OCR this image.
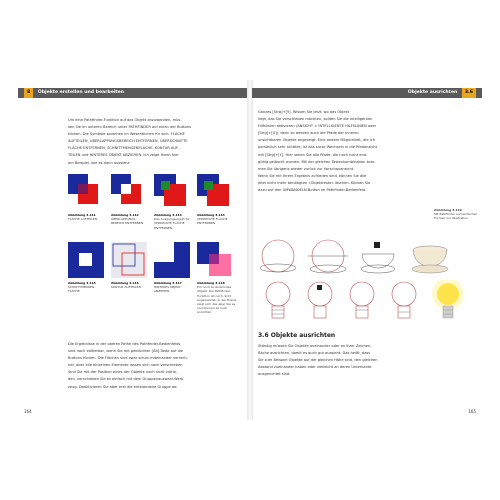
8 Objekte erstellen und bearbeiten

Um eine Pathfinder-Funktion auf das Objekt anzuwenden, müs-

sen Sie im unteren Bereich unter PATHFINDER auf einen der Buttons

klicken. Die Symbole sprechen im Wesentlichen für sich: FLÄCHE

AUFTEILEN, ÜBERLAPPUNGSBEREICH ENTFERNEN, ÜBERSCHNITTE

FLÄCHE ENTFERNEN, SCHNITTMENGENFLÄCHE, KONTUR AUF-

TEILEN und HINTERES OBJEKT ABZIEHEN. Ich zeige Ihnen hier

am Beispiel, wie es dann aussieht:

Abbildung 3.111
FLÄCHE AUFTEILEN
Abbildung 3.112
ÜBERLAPPUNGS-BEREICH ENTFERNEN
Abbildung 3.113
Das Ausgangsobjekt für VERDECKTE FLÄCHE ENTFERNEN
Abbildung 3.114
VERDECKTE FLÄCHE ENTFERNEN
Abbildung 3.115
SCHNITTMENGEN-FLÄCHE
Abbildung 3.116
KONTUR AUFTEILEN
Abbildung 3.117
HINTERES OBJEKT ABZIEHEN
Abbildung 3.118
Ein noch zu änderndes Objekt: Die Pathfinder-Funktion ist noch nicht angewandet; in der Praxis zeigt sich das aber Sie es und können es noch anrichten.

Die Ergebnisse in der oberen Reihe des Pathfinder-Bedienfelds

sind noch editierbar, wenn Sie mit gedrückter [Alt]-Taste auf die

Buttons klicken. Die Flächen sind zwar schon miteinander verrech-

net, aber alle einzelnen Elemente lassen sich noch verschieben.

Sind Sie mit der Position eines der Objekte noch nicht zufrie-

den, verschieben Sie es einfach mit dem Gruppenauswahl-Werk-

zeug. Deaktivieren Sie aber erst die entstandene Gruppe ab.

164
Objekte ausrichten 3.6

Ganzes [Strg]+[Y]. Wissen Sie jetzt, wo das Objekt

liegt, das Sie verschieben möchten, sollten Sie die intelligenten

Hilfslinien aktivieren (ANSICHT > INTELLIGENTE HILFSLINIEN oder

[Strg]+[U]), denn so werden auch die Pfade der Inneren

unsichtbaren Objekte angezeigt. Eine andere Möglichkeit, die ich

persönlich sehr schätze, ist das kurze Wechseln in die Pfadansicht

mit [Strg]+[Y]. Hier sehen Sie alle Pfade, die noch nicht end-

gültig gelöscht wurden. Mit der gleichen Tastenkombination kom-

men Sie übrigens wieder zurück zur Vorschauansicht.

Wenn Sie mit Ihrem Ergebnis zufrieden sind, können Sie alle

jetzt nicht mehr benötigten »Objektreste« löschen. Klicken Sie

dazu auf den UMWANDELN-Button im Pathfinder-Bedienfeld.

Abbildung 3.119
Mit Pathfinder und einfachen Formen zur Illustration
3.6 Objekte ausrichten

Ständig müssen Sie Objekte aneinander oder an Ihrer Zeichen-

fläche ausrichten, damit es auch gut aussieht. Das heißt, dass

Sie zum Beispiel Objekte auf der gleichen Höhe sind, den gleichen

Abstand zueinander haben oder vielleicht an deren Unterkante

ausgerichtet sind.

165
